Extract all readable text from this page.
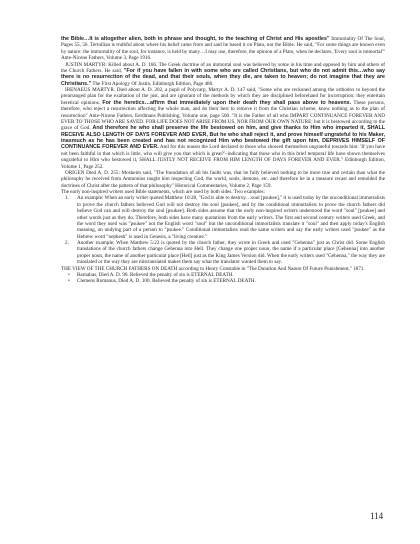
the Bible…It is altogether alien, both in phrase and thought, to the teaching of Christ and His apostles" Immortality Of The Soul, Pages 55, 56. Tertullian is truthful about where his belief came from and said he based it on Plato, not the Bible. He said, "For some things are known even by nature: the immortality of the soul, for instance, is held by many…I may use, therefore, the opinion of a Plato, when he declares, 'Every soul is immortal'" Ante-Nicene Fathers, Volume 3, Page 1916.

JUSTIN MARTYR: Killed about A. D. 166. The Greek doctrine of an immortal soul was believed by some in his time and opposed by him and others of the Church Fathers. He said, "For if you have fallen in with some who are called Christians, but who do not admit this…who say there is no resurrection of the dead, and that their souls, when they die, are taken to heaven; do not imagine that they are Christians." The First Apology Of Justin, Edinburgh Edition, Page 480.

IRENAEUS MARTYR. Died about A. D. 202, a pupil of Polycarp, Martyr A. D. 147 said, "Some who are reckoned among the orthodox to beyond the prearranged plan for the exaltation of the just, and are ignorant of the methods by which they are disciplined beforehand for incorruption; they entertain heretical opinions. For the heretics…affirm that immediately upon their death they shall pass above to heavens. These persons, therefore, who reject a resurrection affecting the whole man, and do their best to remove it from the Christian scheme, know nothing as to the plan of resurrection" Ante-Nicene Fathers, Eerdmans Publishing, Volume one, page 560. "It is the Father of all who IMPART CONTINUANCE FOREVER AND EVER TO THOSE WHO ARE SAVED. FOR LIFE DOES NOT ARISE FROM US, NOR FROM OUR OWN NATURE; but it is bestowed according to the grace of God. And therefore he who shall preserve the life bestowed on him, and give thanks to Him who imparted it, SHALL RECEIVE ALSO LENGTH OF DAYS FOREVER AND EVER, But he who shall reject it, and prove himself ungrateful to his Maker, inasmuch as he has been created and has not recognized Him who bestowed the gift upon him, DEPRIVES HIMSELF OF CONTINUANCE FOREVER AND EVER. And for this reason the Lord declared to those who showed themselves ungrateful towards him: 'If you have not been faithful in that which is little, who will give you that which is great?'–indicating that those who in this brief temporal life have shown themselves ungrateful to Him who bestowed it, SHALL JUSTLY NOT RECEIVE FROM HIM LENGTH OF DAYS FOREVER AND EVER." Edinburgh Edition, Volume 1, Page 252.

ORIGEN Died A. D. 255: Mosheim said, "The foundation of all his faults was, that he fully believed nothing to be more true and certain than what the philosophy he received from Ammonius taught him respecting God, the world, souls, demons, etc. and therefore he in a measure recast and remolded the doctrines of Christ after the pattern of that philosophy" Historical Commentaries, Volume 2, Page 159.

The early non-inspired writers used Bible statements, which are used by both sides. Two examples:

1. An example: When an early writer quoted Matthew 10:28, "God is able to destroy…soul [psukee]," it is used today by the unconditional immortalists to prove the church fathers believed God will not destroy the soul [psukee], and by the conditional immortalists to prove the church fathers did believe God can and will destroy the soul [psukee]. Both sides assume that the early non-inspired writers understood the word "soul" [psukee] and other words just as they do. Therefore, both sides have many quotations from the early writers. The first and second century writers used Greek, and the word they used was "psukee" not the English word "soul" but the unconditional immortalists translate it "soul" and then apply today's English meaning, an undying part of a person to "psukee." Conditional immortalists read the same writers and say the early writers used "psukee" as the Hebrew word "nephesh" is used in Genesis, a "living creature."
2. Another example: When Matthew 5:22 is quoted by the church father, they wrote in Greek and used "Gehenna" just as Christ did. Some English translations of the church fathers change Gehenna into Hell. They change one proper noun, the name if a particular place [Gehenna] into another proper noun, the name of another particular place [Hell] just as the King James Version did. When the early writers used "Gehenna," the way they are translated or the way they are mistranslated makes them say what the translator wanted them to say.

THE VIEW OF THE CHURCH FATHERS ON DEATH according to Henry Constable in "The Duration And Nature Of Future Punishment," 1871.

• Barnabas, Died A. D. 90. Believed the penalty of sin is ETERNAL DEATH.
• Clemens Romanus, Died A. D. 100. Believed the penalty of sin is ETERNAL DEATH.
114
